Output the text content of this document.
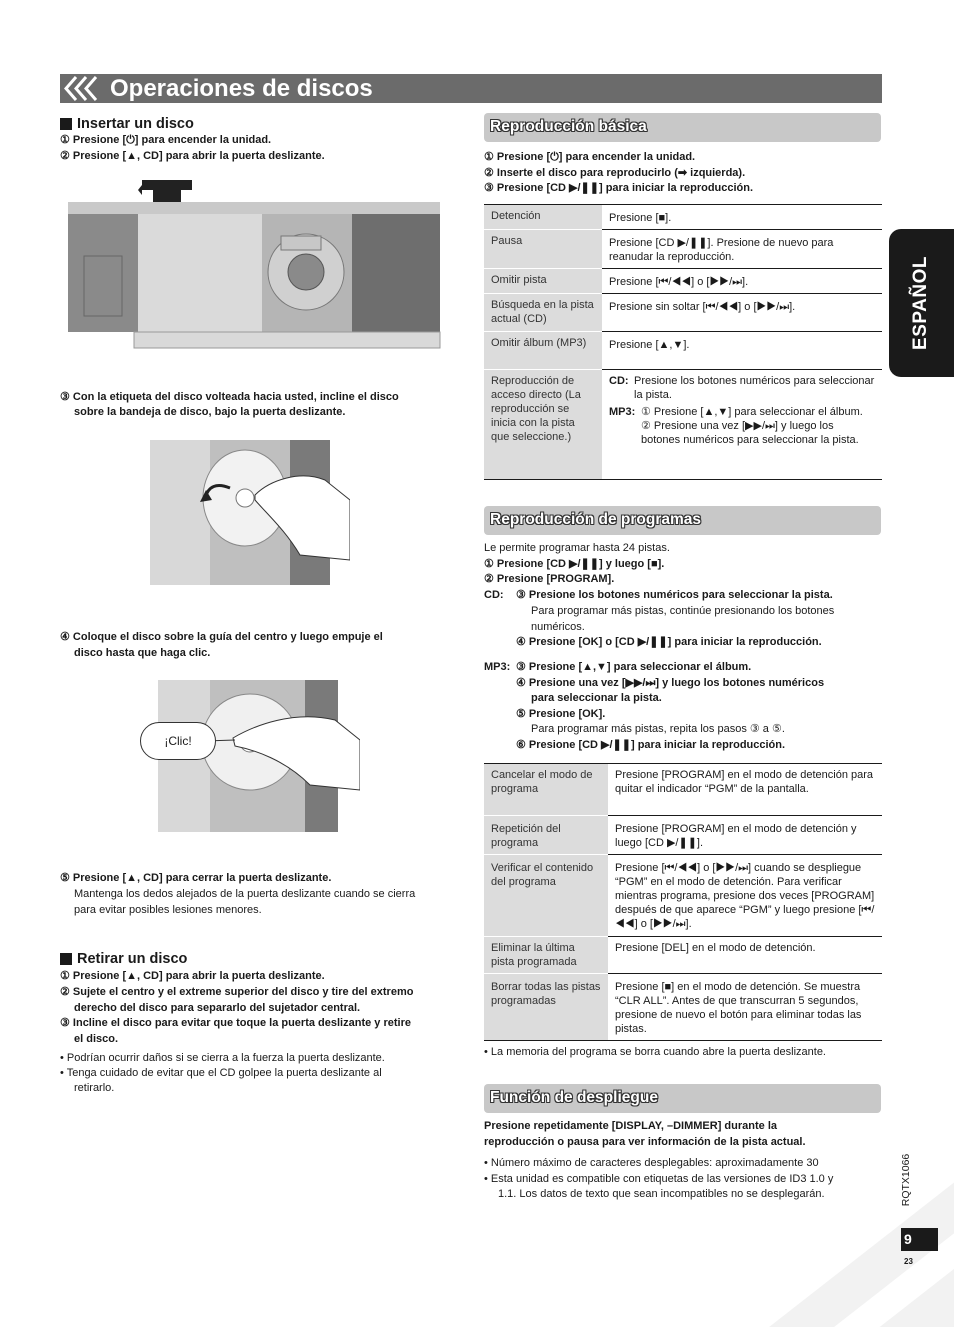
Operaciones de discos
ESPAÑOL
Insertar un disco
① Presione [⏻] para encender la unidad.
② Presione [▲, CD] para abrir la puerta deslizante.
③ Con la etiqueta del disco volteada hacia usted, incline el disco
sobre la bandeja de disco, bajo la puerta deslizante.
④ Coloque el disco sobre la guía del centro y luego empuje el
disco hasta que haga clic.
¡Clic!
⑤ Presione [▲, CD] para cerrar la puerta deslizante.
Mantenga los dedos alejados de la puerta deslizante cuando se cierra
para evitar posibles lesiones menores.
Retirar un disco
① Presione [▲, CD] para abrir la puerta deslizante.
② Sujete el centro y el extreme superior del disco y tire del extremo
derecho del disco para separarlo del sujetador central.
③ Incline el disco para evitar que toque la puerta deslizante y retire
el disco.
• Podrían ocurrir daños si se cierra a la fuerza la puerta deslizante.
• Tenga cuidado de evitar que el CD golpee la puerta deslizante al
retirarlo.
Reproducción básica
① Presione [⏻] para encender la unidad.
② Inserte el disco para reproducirlo (➡ izquierda).
③ Presione [CD ▶/❚❚] para iniciar la reproducción.
Detención	Presione [■].
Pausa	Presione [CD ▶/❚❚]. Presione de nuevo para reanudar la reproducción.
Omitir pista	Presione [⏮/◀◀] o [▶▶/⏭].
Búsqueda en la pista actual (CD)	Presione sin soltar [⏮/◀◀] o [▶▶/⏭].
Omitir álbum (MP3)	Presione [▲,▼].
Reproducción de acceso directo (La reproducción se inicia con la pista que seleccione.)	CD: Presione los botones numéricos para seleccionar la pista.
MP3: ① Presione [▲,▼] para seleccionar el álbum.
② Presione una vez [▶▶/⏭] y luego los botones numéricos para seleccionar la pista.
Reproducción de programas
Le permite programar hasta 24 pistas.
① Presione [CD ▶/❚❚] y luego [■].
② Presione [PROGRAM].
CD: ③ Presione los botones numéricos para seleccionar la pista.
Para programar más pistas, continúe presionando los botones
numéricos.
④ Presione [OK] o [CD ▶/❚❚] para iniciar la reproducción.
MP3: ③ Presione [▲,▼] para seleccionar el álbum.
④ Presione una vez [▶▶/⏭] y luego los botones numéricos
para seleccionar la pista.
⑤ Presione [OK].
Para programar más pistas, repita los pasos ③ a ⑤.
⑥ Presione [CD ▶/❚❚] para iniciar la reproducción.
Cancelar el modo de programa	Presione [PROGRAM] en el modo de detención para quitar el indicador “PGM” de la pantalla.
Repetición del programa	Presione [PROGRAM] en el modo de detención y luego [CD ▶/❚❚].
Verificar el contenido del programa	Presione [⏮/◀◀] o [▶▶/⏭] cuando se despliegue “PGM” en el modo de detención. Para verificar mientras programa, presione dos veces [PROGRAM] después de que aparece “PGM” y luego presione [⏮/◀◀] o [▶▶/⏭].
Eliminar la última pista programada	Presione [DEL] en el modo de detención.
Borrar todas las pistas programadas	Presione [■] en el modo de detención. Se muestra “CLR ALL”. Antes de que transcurran 5 segundos, presione de nuevo el botón para eliminar todas las pistas.
• La memoria del programa se borra cuando abre la puerta deslizante.
Función de despliegue
Presione repetidamente [DISPLAY, –DIMMER] durante la
reproducción o pausa para ver información de la pista actual.
• Número máximo de caracteres desplegables: aproximadamente 30
• Esta unidad es compatible con etiquetas de las versiones de ID3 1.0 y
1.1. Los datos de texto que sean incompatibles no se desplegarán.	RQTX1066
9
23
